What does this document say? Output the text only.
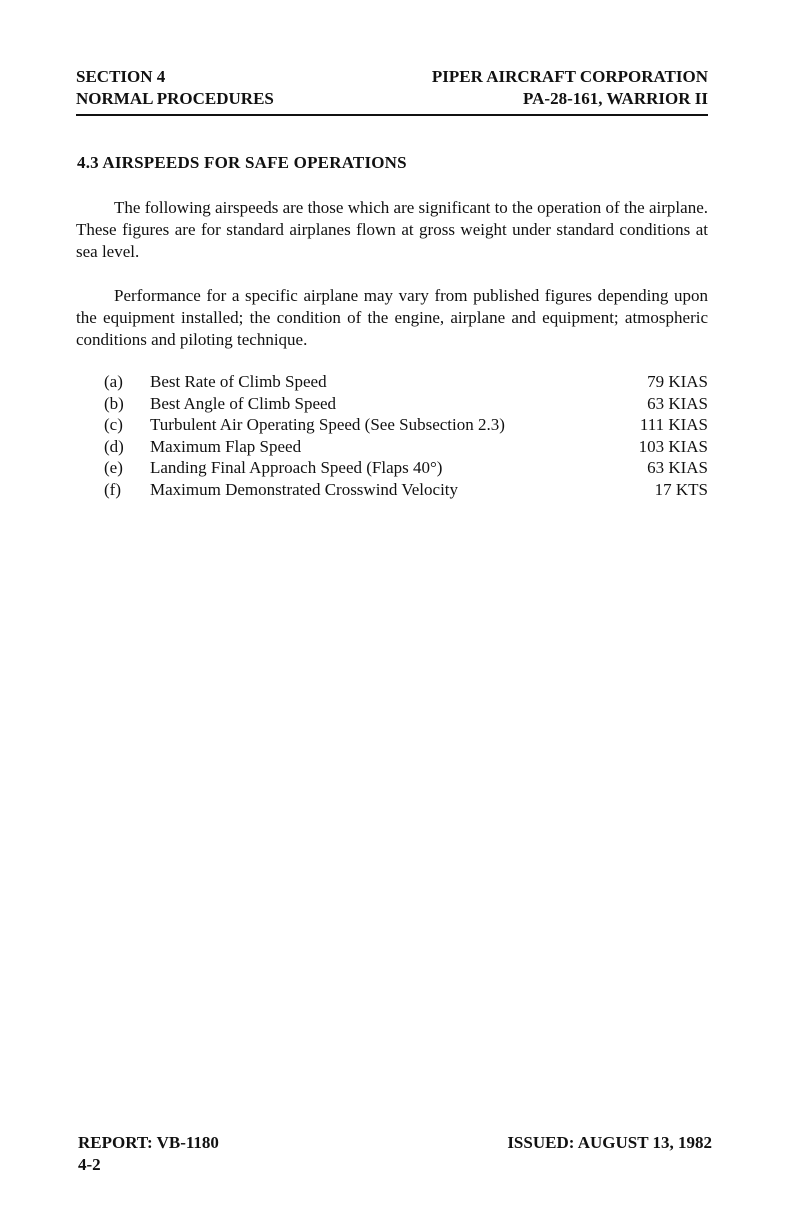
SECTION 4	PIPER AIRCRAFT CORPORATION
NORMAL PROCEDURES	PA-28-161, WARRIOR II
4.3 AIRSPEEDS FOR SAFE OPERATIONS

The following airspeeds are those which are significant to the operation of the airplane. These figures are for standard airplanes flown at gross weight under standard conditions at sea level.

Performance for a specific airplane may vary from published figures depending upon the equipment installed; the condition of the engine, airplane and equipment; atmospheric conditions and piloting technique.

(a)	Best Rate of Climb Speed	79 KIAS
(b)	Best Angle of Climb Speed	63 KIAS
(c)	Turbulent Air Operating Speed (See Subsection 2.3)	111 KIAS
(d)	Maximum Flap Speed	103 KIAS
(e)	Landing Final Approach Speed (Flaps 40°)	63 KIAS
(f)	Maximum Demonstrated Crosswind Velocity	17 KTS
REPORT: VB-1180	ISSUED: AUGUST 13, 1982
4-2
